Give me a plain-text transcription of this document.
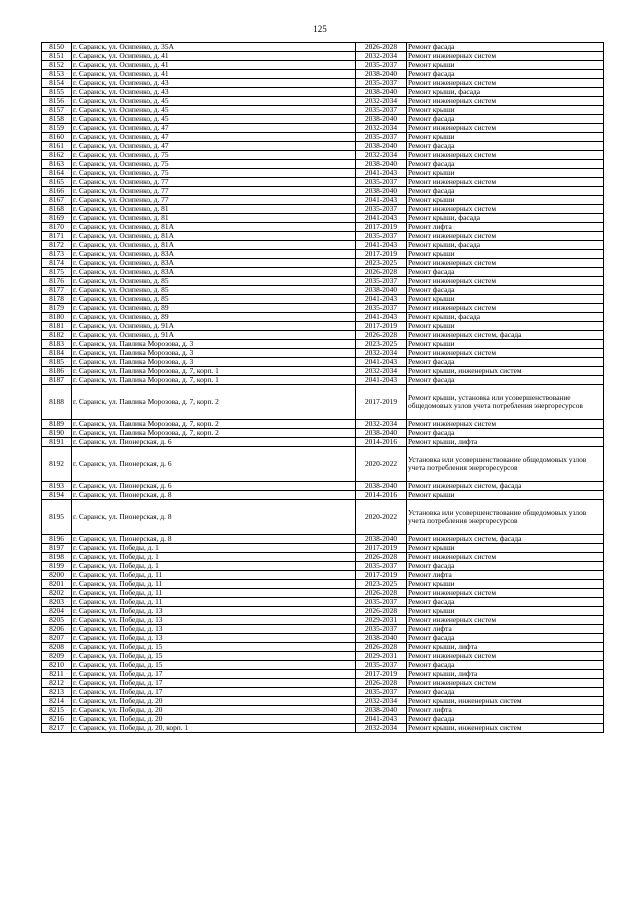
125
8150	г. Саранск, ул. Осипенко, д. 35А	2026-2028	Ремонт фасада
8151	г. Саранск, ул. Осипенко, д. 41	2032-2034	Ремонт инженерных систем
8152	г. Саранск, ул. Осипенко, д. 41	2035-2037	Ремонт крыши
8153	г. Саранск, ул. Осипенко, д. 41	2038-2040	Ремонт фасада
8154	г. Саранск, ул. Осипенко, д. 43	2035-2037	Ремонт инженерных систем
8155	г. Саранск, ул. Осипенко, д. 43	2038-2040	Ремонт крыши, фасада
8156	г. Саранск, ул. Осипенко, д. 45	2032-2034	Ремонт инженерных систем
8157	г. Саранск, ул. Осипенко, д. 45	2035-2037	Ремонт крыши
8158	г. Саранск, ул. Осипенко, д. 45	2038-2040	Ремонт фасада
8159	г. Саранск, ул. Осипенко, д. 47	2032-2034	Ремонт инженерных систем
8160	г. Саранск, ул. Осипенко, д. 47	2035-2037	Ремонт крыши
8161	г. Саранск, ул. Осипенко, д. 47	2038-2040	Ремонт фасада
8162	г. Саранск, ул. Осипенко, д. 75	2032-2034	Ремонт инженерных систем
8163	г. Саранск, ул. Осипенко, д. 75	2038-2040	Ремонт фасада
8164	г. Саранск, ул. Осипенко, д. 75	2041-2043	Ремонт крыши
8165	г. Саранск, ул. Осипенко, д. 77	2035-2037	Ремонт инженерных систем
8166	г. Саранск, ул. Осипенко, д. 77	2038-2040	Ремонт фасада
8167	г. Саранск, ул. Осипенко, д. 77	2041-2043	Ремонт крыши
8168	г. Саранск, ул. Осипенко, д. 81	2035-2037	Ремонт инженерных систем
8169	г. Саранск, ул. Осипенко, д. 81	2041-2043	Ремонт крыши, фасада
8170	г. Саранск, ул. Осипенко, д. 81А	2017-2019	Ремонт лифта
8171	г. Саранск, ул. Осипенко, д. 81А	2035-2037	Ремонт инженерных систем
8172	г. Саранск, ул. Осипенко, д. 81А	2041-2043	Ремонт крыши, фасада
8173	г. Саранск, ул. Осипенко, д. 83А	2017-2019	Ремонт крыши
8174	г. Саранск, ул. Осипенко, д. 83А	2023-2025	Ремонт инженерных систем
8175	г. Саранск, ул. Осипенко, д. 83А	2026-2028	Ремонт фасада
8176	г. Саранск, ул. Осипенко, д. 85	2035-2037	Ремонт инженерных систем
8177	г. Саранск, ул. Осипенко, д. 85	2038-2040	Ремонт фасада
8178	г. Саранск, ул. Осипенко, д. 85	2041-2043	Ремонт крыши
8179	г. Саранск, ул. Осипенко, д. 89	2035-2037	Ремонт инженерных систем
8180	г. Саранск, ул. Осипенко, д. 89	2041-2043	Ремонт крыши, фасада
8181	г. Саранск, ул. Осипенко, д. 91А	2017-2019	Ремонт крыши
8182	г. Саранск, ул. Осипенко, д. 91А	2026-2028	Ремонт инженерных систем, фасада
8183	г. Саранск, ул. Павлика Морозова, д. 3	2023-2025	Ремонт крыши
8184	г. Саранск, ул. Павлика Морозова, д. 3	2032-2034	Ремонт инженерных систем
8185	г. Саранск, ул. Павлика Морозова, д. 3	2041-2043	Ремонт фасада
8186	г. Саранск, ул. Павлика Морозова, д. 7, корп. 1	2032-2034	Ремонт крыши, инженерных систем
8187	г. Саранск, ул. Павлика Морозова, д. 7, корп. 1	2041-2043	Ремонт фасада
8188	г. Саранск, ул. Павлика Морозова, д. 7, корп. 2	2017-2019	Ремонт крыши, установка или усовершенствование общедомовых узлов учета потребления энергоресурсов
8189	г. Саранск, ул. Павлика Морозова, д. 7, корп. 2	2032-2034	Ремонт инженерных систем
8190	г. Саранск, ул. Павлика Морозова, д. 7, корп. 2	2038-2040	Ремонт фасада
8191	г. Саранск, ул. Пионерская, д. 6	2014-2016	Ремонт крыши, лифта
8192	г. Саранск, ул. Пионерская, д. 6	2020-2022	Установка или усовершенствование общедомовых узлов учета потребления энергоресурсов
8193	г. Саранск, ул. Пионерская, д. 6	2038-2040	Ремонт инженерных систем, фасада
8194	г. Саранск, ул. Пионерская, д. 8	2014-2016	Ремонт крыши
8195	г. Саранск, ул. Пионерская, д. 8	2020-2022	Установка или усовершенствование общедомовых узлов учета потребления энергоресурсов
8196	г. Саранск, ул. Пионерская, д. 8	2038-2040	Ремонт инженерных систем, фасада
8197	г. Саранск, ул. Победы, д. 1	2017-2019	Ремонт крыши
8198	г. Саранск, ул. Победы, д. 1	2026-2028	Ремонт инженерных систем
8199	г. Саранск, ул. Победы, д. 1	2035-2037	Ремонт фасада
8200	г. Саранск, ул. Победы, д. 11	2017-2019	Ремонт лифта
8201	г. Саранск, ул. Победы, д. 11	2023-2025	Ремонт крыши
8202	г. Саранск, ул. Победы, д. 11	2026-2028	Ремонт инженерных систем
8203	г. Саранск, ул. Победы, д. 11	2035-2037	Ремонт фасада
8204	г. Саранск, ул. Победы, д. 13	2026-2028	Ремонт крыши
8205	г. Саранск, ул. Победы, д. 13	2029-2031	Ремонт инженерных систем
8206	г. Саранск, ул. Победы, д. 13	2035-2037	Ремонт лифта
8207	г. Саранск, ул. Победы, д. 13	2038-2040	Ремонт фасада
8208	г. Саранск, ул. Победы, д. 15	2026-2028	Ремонт крыши, лифта
8209	г. Саранск, ул. Победы, д. 15	2029-2031	Ремонт инженерных систем
8210	г. Саранск, ул. Победы, д. 15	2035-2037	Ремонт фасада
8211	г. Саранск, ул. Победы, д. 17	2017-2019	Ремонт крыши, лифта
8212	г. Саранск, ул. Победы, д. 17	2026-2028	Ремонт инженерных систем
8213	г. Саранск, ул. Победы, д. 17	2035-2037	Ремонт фасада
8214	г. Саранск, ул. Победы, д. 20	2032-2034	Ремонт крыши, инженерных систем
8215	г. Саранск, ул. Победы, д. 20	2038-2040	Ремонт лифта
8216	г. Саранск, ул. Победы, д. 20	2041-2043	Ремонт фасада
8217	г. Саранск, ул. Победы, д. 20, корп. 1	2032-2034	Ремонт крыши, инженерных систем
